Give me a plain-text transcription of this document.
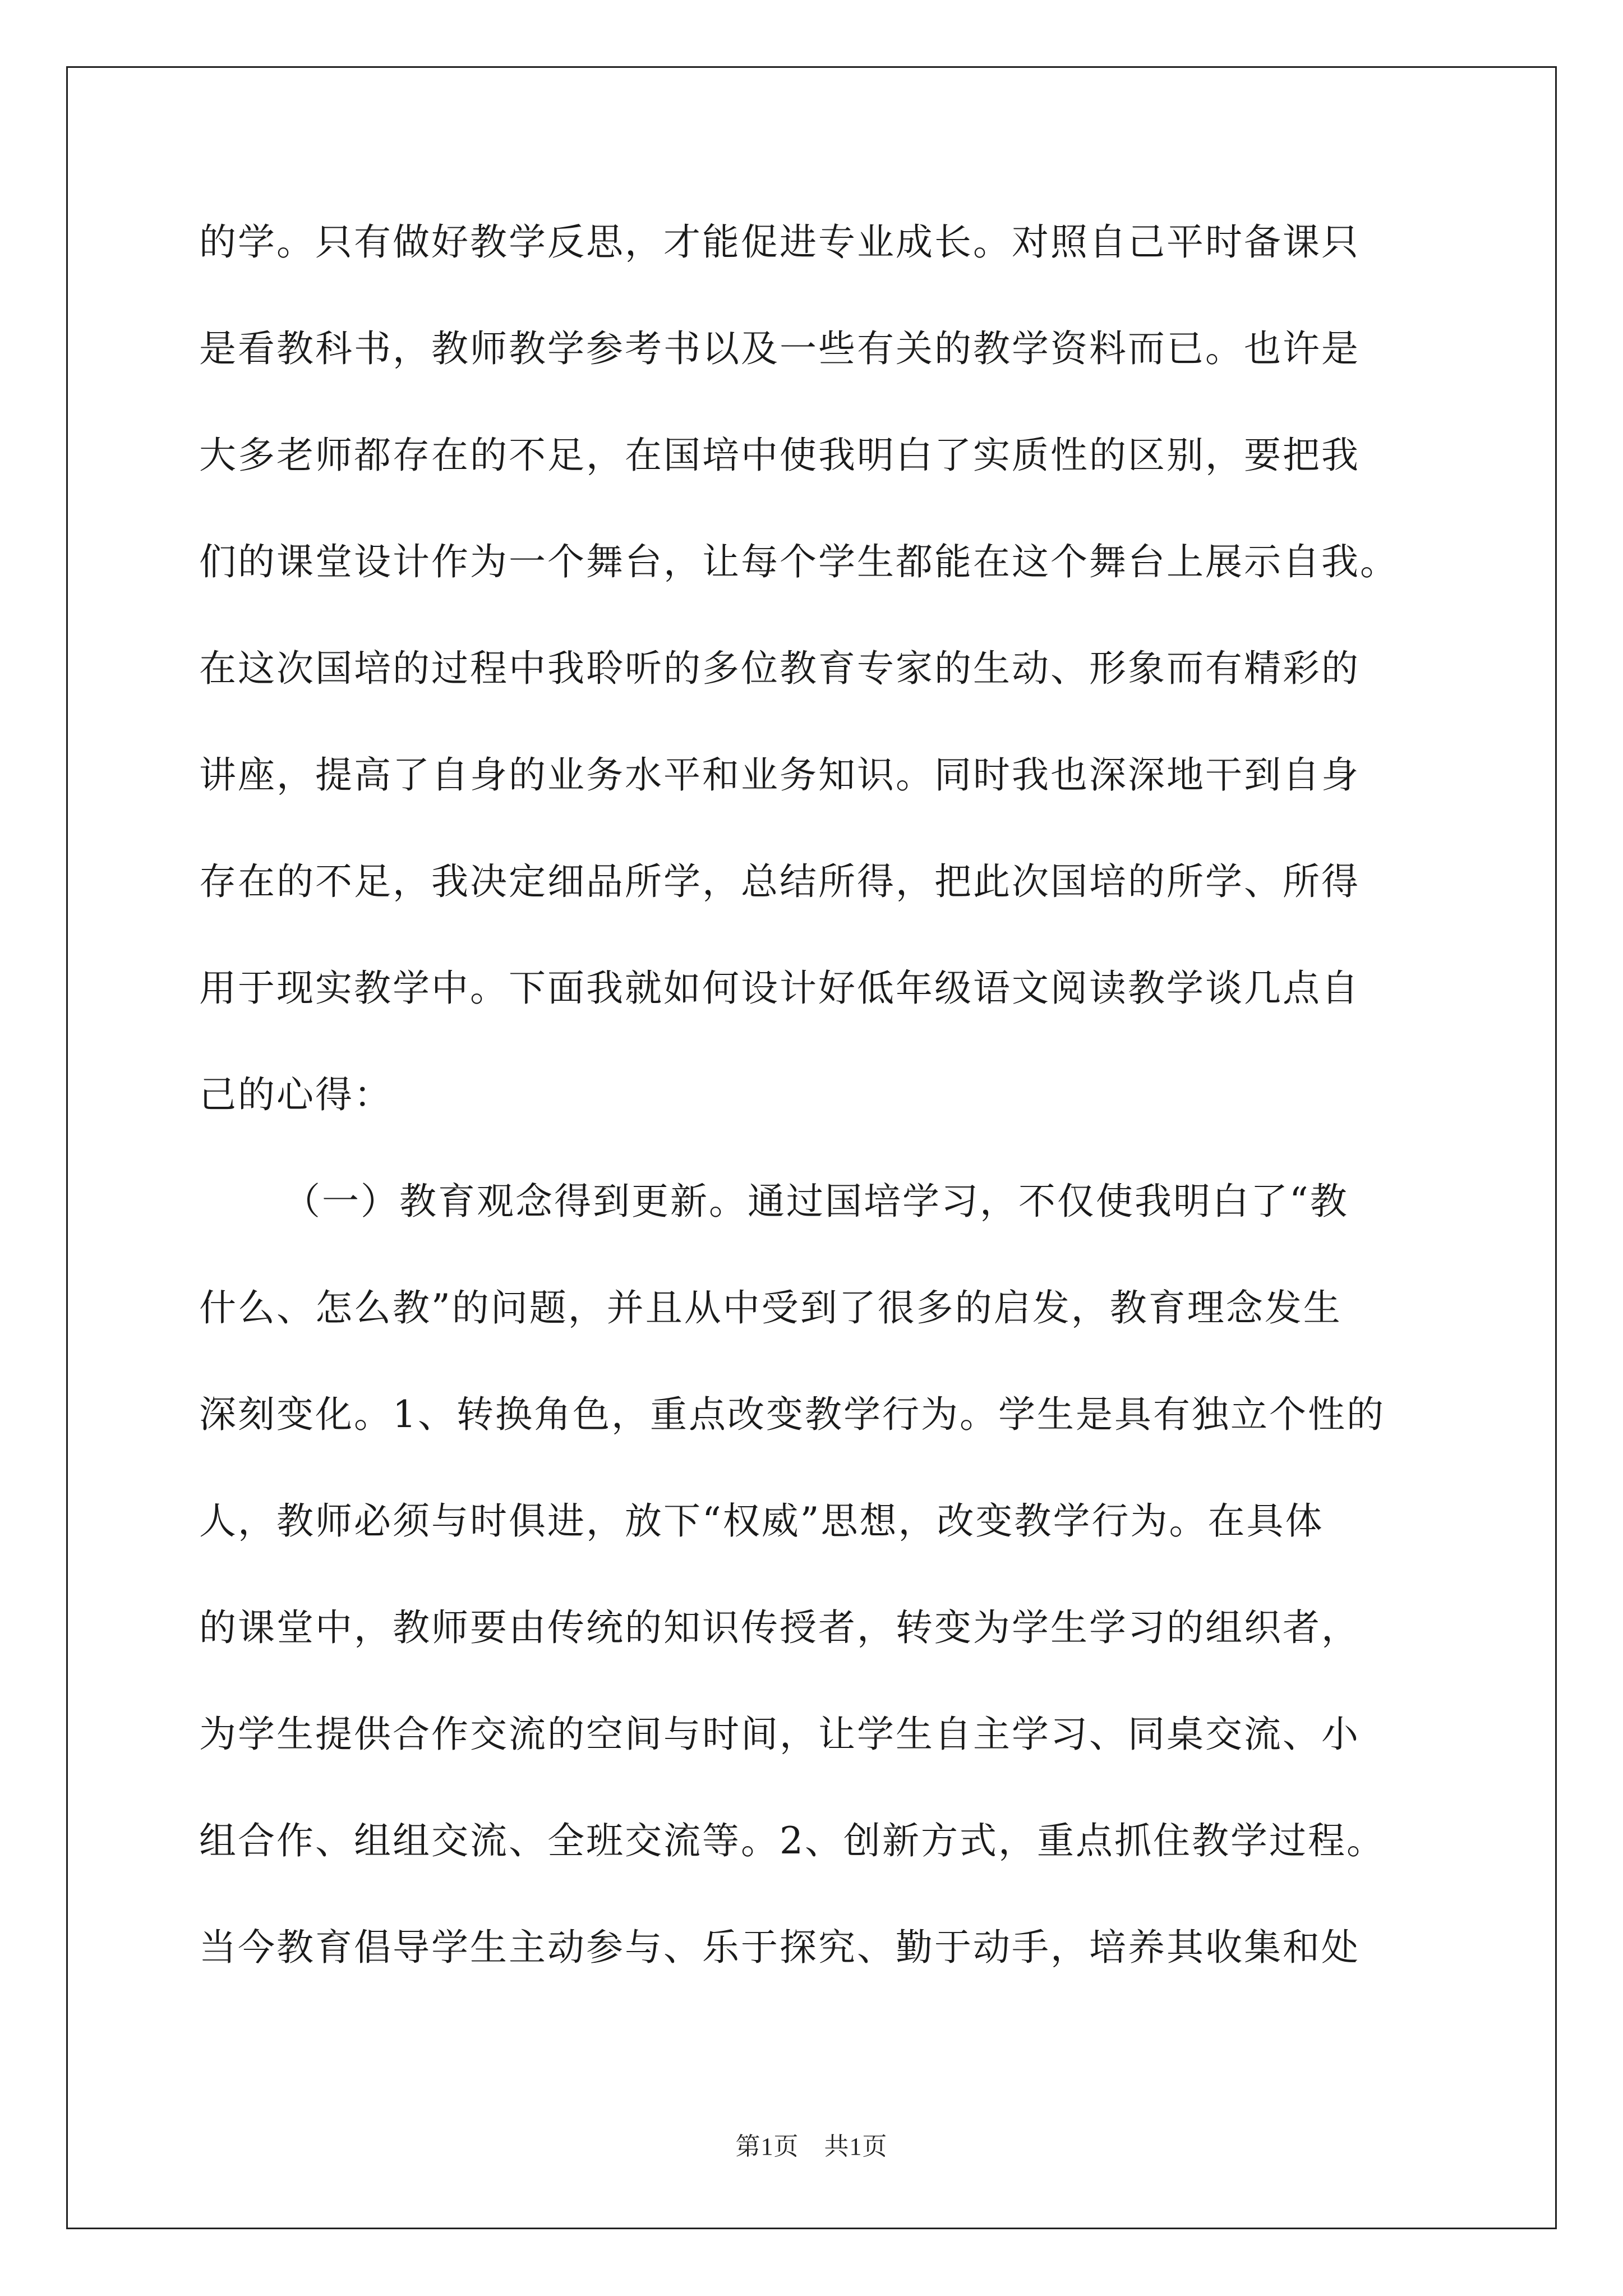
的学。只有做好教学反思，才能促进专业成长。对照自己平时备课只
是看教科书，教师教学参考书以及一些有关的教学资料而已。也许是
大多老师都存在的不足，在国培中使我明白了实质性的区别，要把我
们的课堂设计作为一个舞台，让每个学生都能在这个舞台上展示自我。
在这次国培的过程中我聆听的多位教育专家的生动、形象而有精彩的
讲座，提高了自身的业务水平和业务知识。同时我也深深地干到自身
存在的不足，我决定细品所学，总结所得，把此次国培的所学、所得
用于现实教学中。下面我就如何设计好低年级语文阅读教学谈几点自
己的心得：
（一）教育观念得到更新。通过国培学习，不仅使我明白了“教
什么、怎么教”的问题，并且从中受到了很多的启发，教育理念发生
深刻变化。1、转换角色，重点改变教学行为。学生是具有独立个性的
人，教师必须与时俱进，放下“权威”思想，改变教学行为。在具体
的课堂中，教师要由传统的知识传授者，转变为学生学习的组织者，
为学生提供合作交流的空间与时间，让学生自主学习、同桌交流、小
组合作、组组交流、全班交流等。2、创新方式，重点抓住教学过程。
当今教育倡导学生主动参与、乐于探究、勤于动手，培养其收集和处
第1页　共1页
